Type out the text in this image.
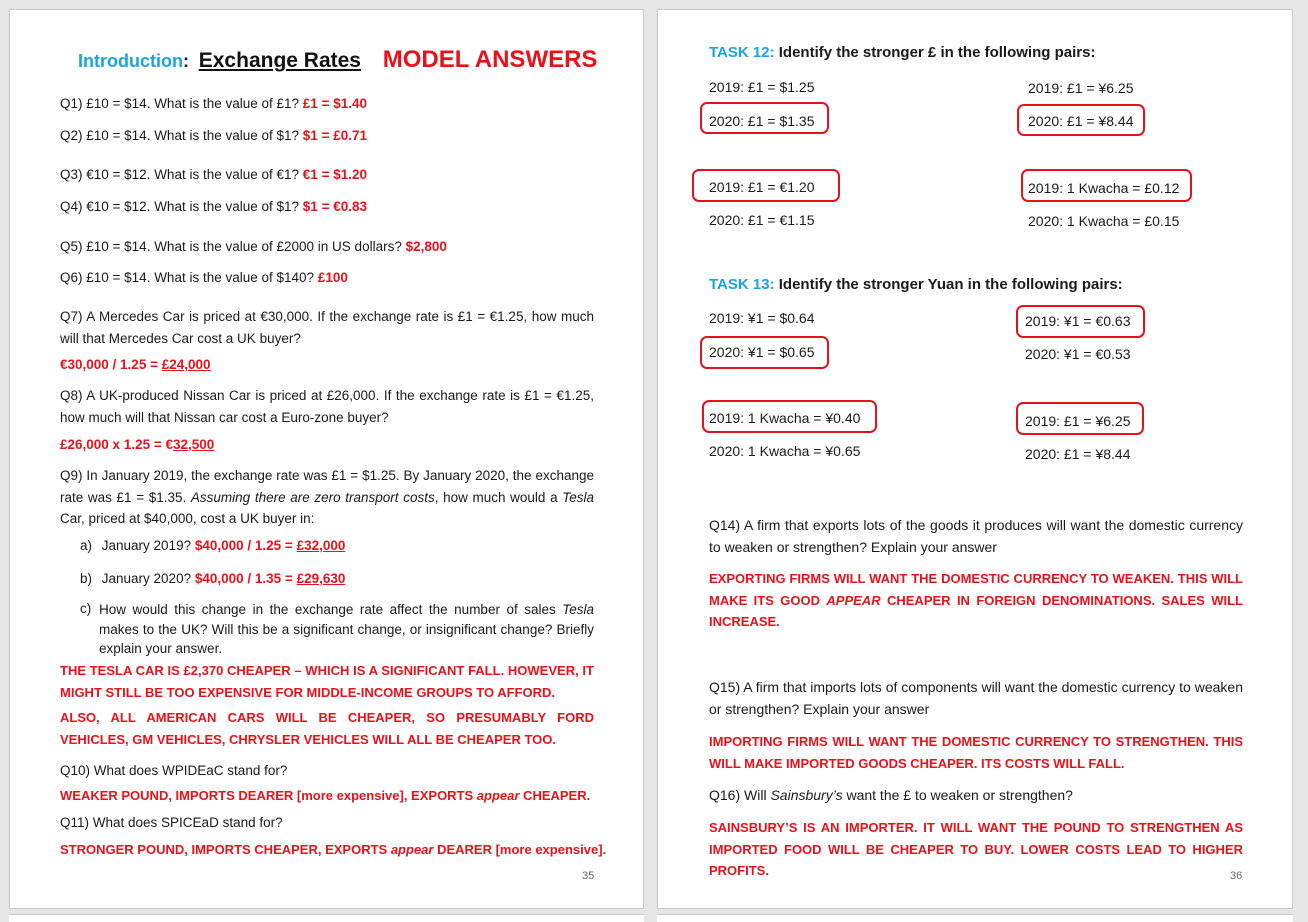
Introduction: Exchange Rates MODEL ANSWERS
Q1) £10 = $14. What is the value of £1? £1 = $1.40
Q2) £10 = $14. What is the value of $1? $1 = £0.71
Q3) €10 = $12. What is the value of €1? €1 = $1.20
Q4) €10 = $12. What is the value of $1? $1 = €0.83
Q5) £10 = $14. What is the value of £2000 in US dollars? $2,800
Q6) £10 = $14. What is the value of $140? £100
Q7) A Mercedes Car is priced at €30,000. If the exchange rate is £1 = €1.25, how much will that Mercedes Car cost a UK buyer?
€30,000 / 1.25 = £24,000
Q8) A UK-produced Nissan Car is priced at £26,000. If the exchange rate is £1 = €1.25, how much will that Nissan car cost a Euro-zone buyer?
£26,000 x 1.25 = €32,500
Q9) In January 2019, the exchange rate was £1 = $1.25. By January 2020, the exchange rate was £1 = $1.35. Assuming there are zero transport costs, how much would a Tesla Car, priced at $40,000, cost a UK buyer in:
a) January 2019? $40,000 / 1.25 = £32,000
b) January 2020? $40,000 / 1.35 = £29,630
c) How would this change in the exchange rate affect the number of sales Tesla makes to the UK? Will this be a significant change, or insignificant change? Briefly explain your answer.
THE TESLA CAR IS £2,370 CHEAPER – WHICH IS A SIGNIFICANT FALL. HOWEVER, IT MIGHT STILL BE TOO EXPENSIVE FOR MIDDLE-INCOME GROUPS TO AFFORD.
ALSO, ALL AMERICAN CARS WILL BE CHEAPER, SO PRESUMABLY FORD VEHICLES, GM VEHICLES, CHRYSLER VEHICLES WILL ALL BE CHEAPER TOO.
Q10) What does WPIDEaC stand for?
WEAKER POUND, IMPORTS DEARER [more expensive], EXPORTS appear CHEAPER.
Q11) What does SPICEaD stand for?
STRONGER POUND, IMPORTS CHEAPER, EXPORTS appear DEARER [more expensive].
35
TASK 12: Identify the stronger £ in the following pairs:
2019: £1 = $1.25
2020: £1 = $1.35
2019: £1 = ¥6.25
2020: £1 = ¥8.44
2019: £1 = €1.20
2020: £1 = €1.15
2019: 1 Kwacha = £0.12
2020: 1 Kwacha = £0.15
TASK 13: Identify the stronger Yuan in the following pairs:
2019: ¥1 = $0.64
2020: ¥1 = $0.65
2019: ¥1 = €0.63
2020: ¥1 = €0.53
2019: 1 Kwacha = ¥0.40
2020: 1 Kwacha = ¥0.65
2019: £1 = ¥6.25
2020: £1 = ¥8.44
Q14) A firm that exports lots of the goods it produces will want the domestic currency to weaken or strengthen? Explain your answer
EXPORTING FIRMS WILL WANT THE DOMESTIC CURRENCY TO WEAKEN. THIS WILL MAKE ITS GOOD APPEAR CHEAPER IN FOREIGN DENOMINATIONS. SALES WILL INCREASE.
Q15) A firm that imports lots of components will want the domestic currency to weaken or strengthen? Explain your answer
IMPORTING FIRMS WILL WANT THE DOMESTIC CURRENCY TO STRENGTHEN. THIS WILL MAKE IMPORTED GOODS CHEAPER. ITS COSTS WILL FALL.
Q16) Will Sainsbury’s want the £ to weaken or strengthen?
SAINSBURY’S IS AN IMPORTER. IT WILL WANT THE POUND TO STRENGTHEN AS IMPORTED FOOD WILL BE CHEAPER TO BUY. LOWER COSTS LEAD TO HIGHER PROFITS.	36
